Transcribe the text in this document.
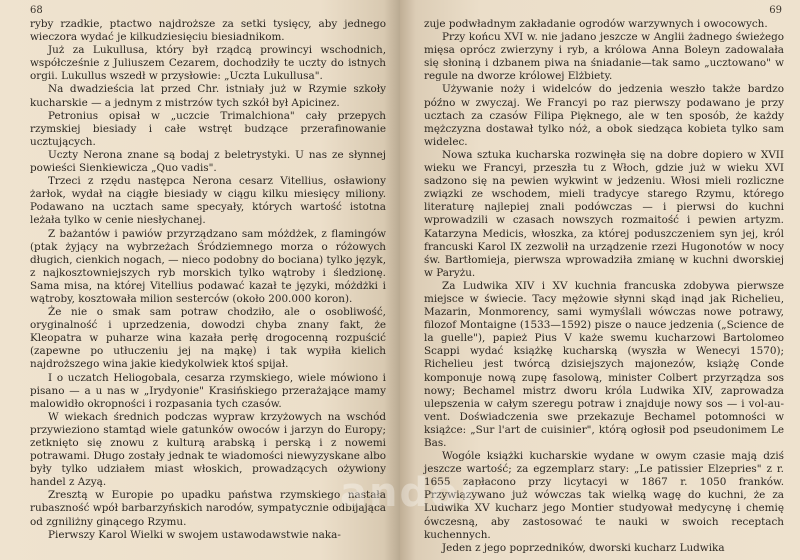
68

ryby rzadkie, ptactwo najdroższe za setki tysięcy, aby jednego wieczora wydać je kilkudziesięciu biesiadnikom.

Już za Lukullusa, który był rządcą prowincyi wschodnich, współcześnie z Juliuszem Cezarem, dochodziły te uczty do istnych orgii. Lukullus wszedł w przysłowie: „Uczta Lukullusa".

Na dwadzieścia lat przed Chr. istniały już w Rzymie szkoły kucharskie — a jednym z mistrzów tych szkół był Apicinez.

Petronius opisał w „uczcie Trimalchiona" cały przepych rzymskiej biesiady i całe wstręt budzące przerafinowanie ucztujących.

Uczty Nerona znane są bodaj z beletrystyki. U nas ze słynnej powieści Sienkiewicza „Quo vadis".

Trzeci z rzędu następca Nerona cesarz Vitellius, osławiony żarłok, wydał na ciągłe biesiady w ciągu kilku miesięcy miliony. Podawano na ucztach same specyały, których wartość istotna leżała tylko w cenie niesłychanej.

Z bażantów i pawiów przyrządzano sam móżdżek, z flamingów (ptak żyjący na wybrzeżach Śródziemnego morza o różowych długich, cienkich nogach, — nieco podobny do bociana) tylko język, z najkosztowniejszych ryb morskich tylko wątroby i śledzionę. Sama misa, na której Vitellius podawać kazał te języki, móżdżki i wątroby, kosztowała milion sesterców (około 200.000 koron).

Że nie o smak sam potraw chodziło, ale o osobliwość, oryginalność i uprzedzenia, dowodzi chyba znany fakt, że Kleopatra w puharze wina kazała perłę drogocenną rozpuścić (zapewne po utłuczeniu jej na mąkę) i tak wypiła kielich najdroższego wina jakie kiedykolwiek ktoś spijał.

I o uczatch Heliogobala, cesarza rzymskiego, wiele mówiono i pisano — a u nas w „Irydyonie" Krasińskiego przerażające mamy malowidło okropności i rozpasania tych czasów.

W wiekach średnich podczas wypraw krzyżowych na wschód przywieziono stamtąd wiele gatunków owoców i jarzyn do Europy; zetknięto się znowu z kulturą arabską i perską i z nowemi potrawami. Długo zostały jednak te wiadomości niewyzyskane albo były tylko udziałem miast włoskich, prowadzących ożywiony handel z Azyą.

Zresztą w Europie po upadku państwa rzymskiego nastała rubaszność wpół barbarzyńskich narodów, sympatycznie odbijająca od zgniliżny ginącego Rzymu.

Pierwszy Karol Wielki w swojem ustawodawstwie naka-

69

zuje podwładnym zakładanie ogrodów warzywnych i owocowych.

Przy końcu XVI w. nie jadano jeszcze w Anglii żadnego świeżego mięsa oprócz zwierzyny i ryb, a królowa Anna Boleyn zadowalała się słoniną i dzbanem piwa na śniadanie—tak samo „ucztowano" w regule na dworze królowej Elżbiety.

Używanie noży i widelców do jedzenia weszło także bardzo późno w zwyczaj. We Francyi po raz pierwszy podawano je przy ucztach za czasów Filipa Pięknego, ale w ten sposób, że każdy mężczyzna dostawał tylko nóż, a obok siedząca kobieta tylko sam widelec.

Nowa sztuka kucharska rozwinęła się na dobre dopiero w XVII wieku we Francyi, przeszła tu z Włoch, gdzie już w wieku XVI sadzono się na pewien wykwint w jedzeniu. Włosi mieli rozliczne związki ze wschodem, mieli tradycye starego Rzymu, którego literaturę najlepiej znali podówczas — i pierwsi do kuchni wprowadzili w czasach nowszych rozmaitość i pewien artyzm. Katarzyna Medicis, włoszka, za której poduszczeniem syn jej, król francuski Karol IX zezwolił na urządzenie rzezi Hugonotów w nocy św. Bartłomieja, pierwsza wprowadziła zmianę w kuchni dworskiej w Paryżu.

Za Ludwika XIV i XV kuchnia francuska zdobywa pierwsze miejsce w świecie. Tacy mężowie słynni skąd inąd jak Richelieu, Mazarin, Monmorency, sami wymyślali wówczas nowe potrawy, filozof Montaigne (1533—1592) pisze o nauce jedzenia („Scienсe de la guelle"), papież Pius V każe swemu kucharzowi Bartolomeo Scappi wydać książkę kucharską (wyszła w Wenecyi 1570); Richelieu jest twórcą dzisiejszych majonezów, książę Conde komponuje nową zupę fasolową, minister Colbert przyrządza sos nowy; Bechamel mistrz dworu króla Ludwika XIV, zaprowadza ulepszenia w całym szeregu potraw i znajduje nowy sos — i vol-au-vent. Doświadczenia swe przekazuje Bechamel potomności w książce: „Sur l'art de cuisinier", którą ogłosił pod pseudonimem Le Bas.

Wogóle książki kucharskie wydane w owym czasie mają dziś jeszcze wartość; za egzemplarz stary: „Le patissier Elzepries" z r. 1655 zapłacono przy licytacyi w 1867 r. 1050 franków. Przywiązywano już wówczas tak wielką wagę do kuchni, że za Ludwika XV kucharz jego Montier studyował medycynę i chemię ówczesną, aby zastosować te nauki w swoich receptach kuchennych.

Jeden z jego poprzedników, dworski kucharz Ludwika

andor
